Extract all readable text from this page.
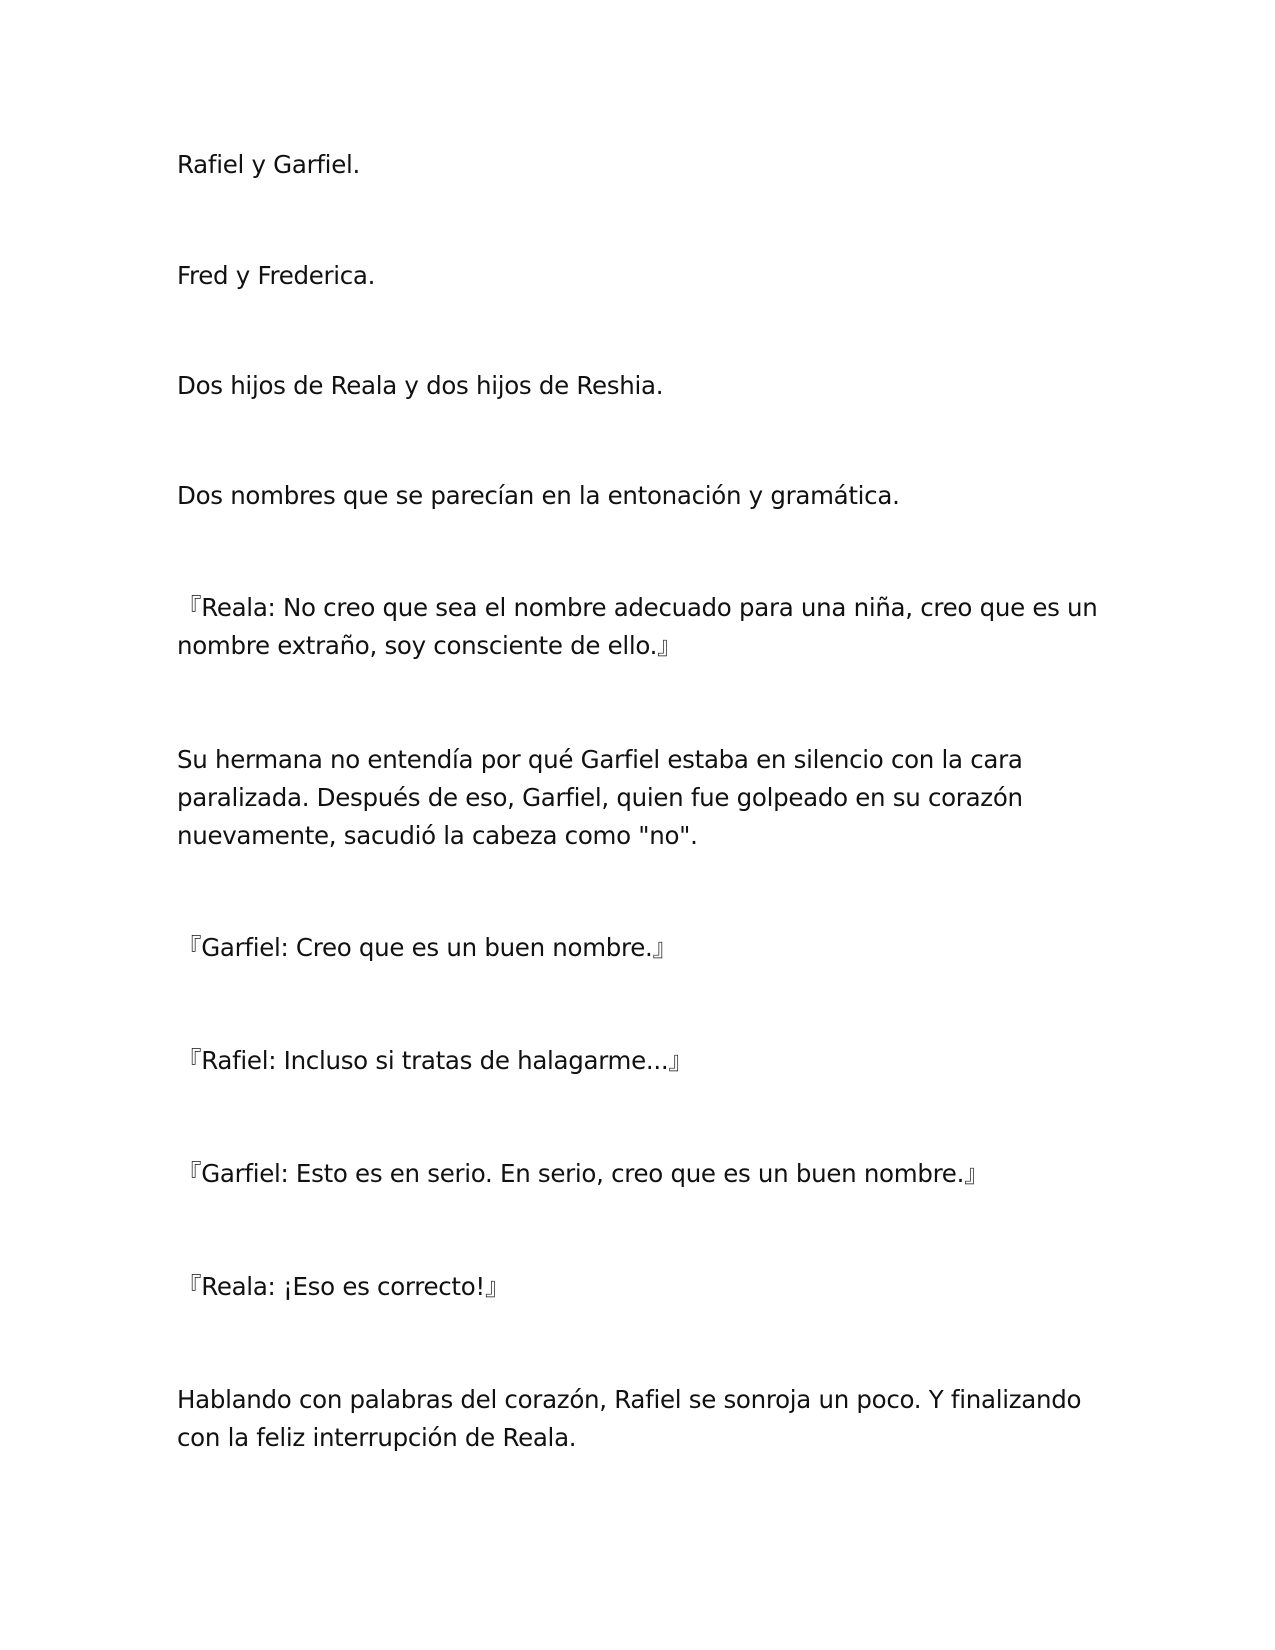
Rafiel y Garfiel.

Fred y Frederica.

Dos hijos de Reala y dos hijos de Reshia.

Dos nombres que se parecían en la entonación y gramática.

『Reala: No creo que sea el nombre adecuado para una niña, creo que es un
nombre extraño, soy consciente de ello.』

Su hermana no entendía por qué Garfiel estaba en silencio con la cara
paralizada. Después de eso, Garfiel, quien fue golpeado en su corazón
nuevamente, sacudió la cabeza como "no".

『Garfiel: Creo que es un buen nombre.』

『Rafiel: Incluso si tratas de halagarme...』

『Garfiel: Esto es en serio. En serio, creo que es un buen nombre.』

『Reala: ¡Eso es correcto!』

Hablando con palabras del corazón, Rafiel se sonroja un poco. Y finalizando
con la feliz interrupción de Reala.
